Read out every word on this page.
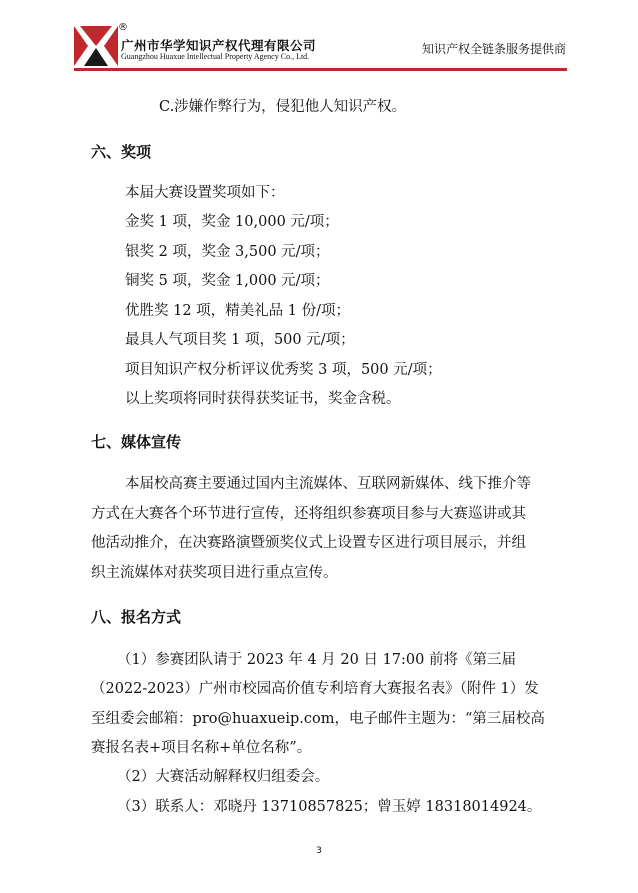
®
广州市华学知识产权代理有限公司
Guangzhou Huaxue Intellectual Property Agency Co., Ltd.
知识产权全链条服务提供商
C.涉嫌作弊行为，侵犯他人知识产权。
六、奖项
本届大赛设置奖项如下：
金奖 1 项，奖金 10,000 元/项；
银奖 2 项，奖金 3,500 元/项；
铜奖 5 项，奖金 1,000 元/项；
优胜奖 12 项，精美礼品 1 份/项；
最具人气项目奖 1 项，500 元/项；
项目知识产权分析评议优秀奖 3 项，500 元/项；
以上奖项将同时获得获奖证书，奖金含税。
七、媒体宣传
本届校高赛主要通过国内主流媒体、互联网新媒体、线下推介等
方式在大赛各个环节进行宣传，还将组织参赛项目参与大赛巡讲或其
他活动推介，在决赛路演暨颁奖仪式上设置专区进行项目展示，并组
织主流媒体对获奖项目进行重点宣传。
八、报名方式
（1）参赛团队请于 2023 年 4 月 20 日 17:00 前将《第三届
（2022-2023）广州市校园高价值专利培育大赛报名表》（附件 1）发
至组委会邮箱：pro@huaxueip.com，电子邮件主题为：“第三届校高
赛报名表+项目名称+单位名称”。
（2）大赛活动解释权归组委会。
（3）联系人：邓晓丹 13710857825；曾玉婷 18318014924。
3
